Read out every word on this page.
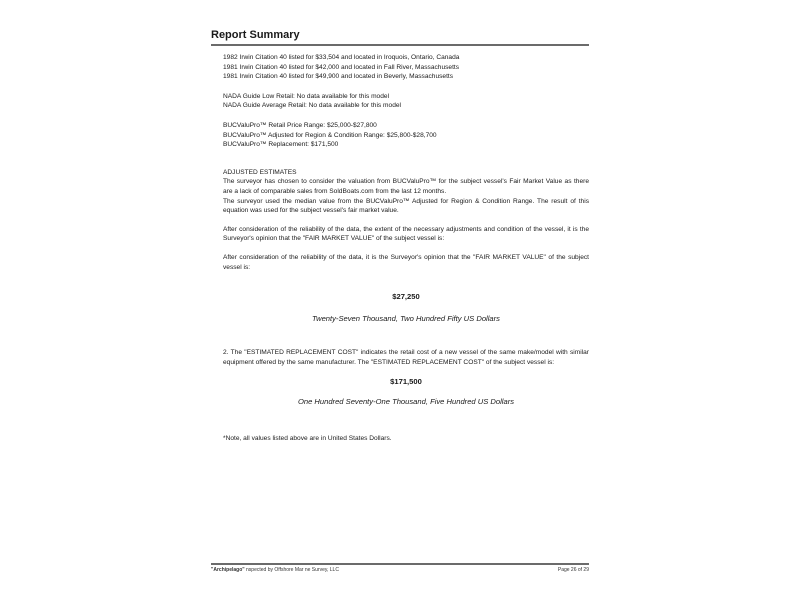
Report Summary
1982 Irwin Citation 40 listed for $33,504 and located in Iroquois, Ontario, Canada
1981 Irwin Citation 40 listed for $42,000 and located in Fall River, Massachusetts
1981 Irwin Citation 40 listed for $49,900 and located in Beverly, Massachusetts
NADA Guide Low Retail: No data available for this model
NADA Guide Average Retail: No data available for this model
BUCValuPro™ Retail Price Range: $25,000-$27,800
BUCValuPro™ Adjusted for Region & Condition Range: $25,800-$28,700
BUCValuPro™ Replacement: $171,500
ADJUSTED ESTIMATES

The surveyor has chosen to consider the valuation from BUCValuPro™ for the subject vessel's Fair Market Value as there are a lack of comparable sales from SoldBoats.com from the last 12 months.

The surveyor used the median value from the BUCValuPro™ Adjusted for Region & Condition Range. The result of this equation was used for the subject vessel's fair market value.

After consideration of the reliability of the data, the extent of the necessary adjustments and condition of the vessel, it is the Surveyor's opinion that the "FAIR MARKET VALUE" of the subject vessel is:

After consideration of the reliability of the data, it is the Surveyor's opinion that the "FAIR MARKET VALUE" of the subject vessel is:

$27,250

Twenty-Seven Thousand, Two Hundred Fifty US Dollars

2. The "ESTIMATED REPLACEMENT COST" indicates the retail cost of a new vessel of the same make/model with similar equipment offered by the same manufacturer. The "ESTIMATED REPLACEMENT COST" of the subject vessel is:

$171,500

One Hundred Seventy-One Thousand, Five Hundred US Dollars

*Note, all values listed above are in United States Dollars.
"Archipelago" nspected by Offshore Mar ne Survey, LLC	Page 26 of 29
